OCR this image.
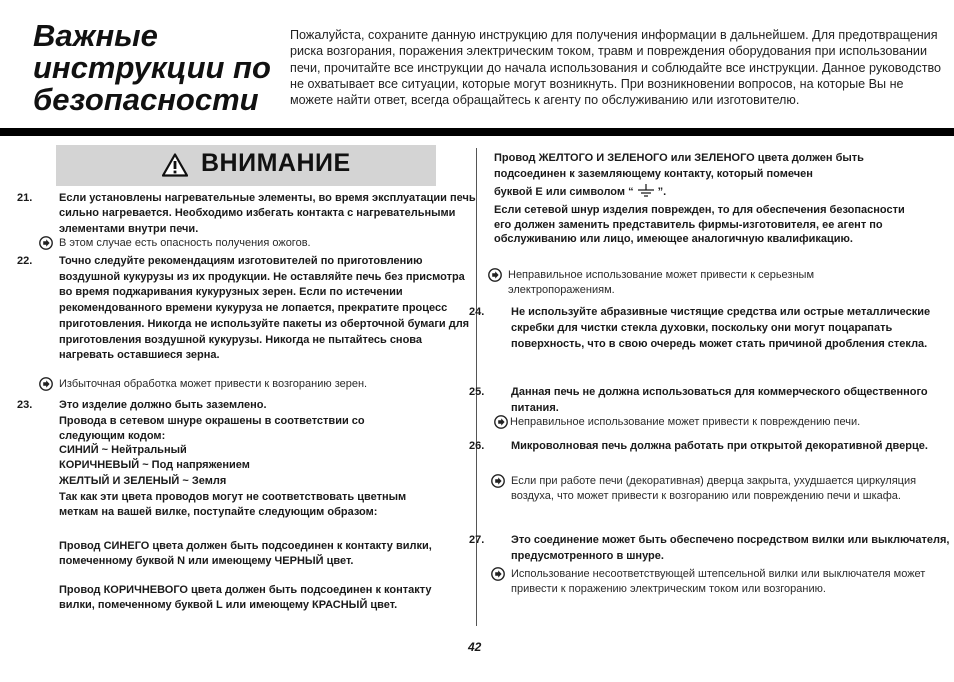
Важные
инструкции по
безопасности

Пожалуйста, сохраните данную инструкцию для получения информации в дальнейшем. Для предотвращения риска возгорания, поражения электрическим током, травм и повреждения оборудования при использовании печи, прочитайте все инструкции до начала использования и соблюдайте все инструкции. Данное руководство не охватывает все ситуации, которые могут возникнуть. При возникновении вопросов, на которые Вы не можете найти ответ, всегда обращайтесь к агенту по обслуживанию или изготовителю.

ВНИМАНИЕ

21. Если установлены нагревательные элементы, во время эксплуатации печь сильно нагревается. Необходимо избегать контакта с нагревательными элементами внутри печи.

В этом случае есть опасность получения ожогов.

22. Точно следуйте рекомендациям изготовителей по приготовлению воздушной кукурузы из их продукции. Не оставляйте печь без присмотра во время поджаривания кукурузных зерен. Если по истечении рекомендованного времени кукуруза не лопается, прекратите процесс приготовления. Никогда не используйте пакеты из оберточной бумаги для приготовления воздушной кукурузы. Никогда не пытайтесь снова нагревать оставшиеся зерна.

Избыточная обработка может привести к возгоранию зерен.

23. Это изделие должно быть заземлено.

Провода в сетевом шнуре окрашены в соответствии со следующим кодом:

СИНИЙ ~ Нейтральный
КОРИЧНЕВЫЙ ~ Под напряжением
ЖЕЛТЫЙ И ЗЕЛЕНЫЙ ~ Земля

Так как эти цвета проводов могут не соответствовать цветным меткам на вашей вилке, поступайте следующим образом:

Провод СИНЕГО цвета должен быть подсоединен к контакту вилки, помеченному буквой N или имеющему ЧЕРНЫЙ цвет.

Провод КОРИЧНЕВОГО цвета должен быть подсоединен к контакту вилки, помеченному буквой L или имеющему КРАСНЫЙ цвет.

Провод ЖЕЛТОГО И ЗЕЛЕНОГО или ЗЕЛЕНОГО цвета должен быть подсоединен к заземляющему контакту, который помечен

буквой E или символом “ ”.

Если сетевой шнур изделия поврежден, то для обеспечения безопасности его должен заменить представитель фирмы-изготовителя, ее агент по обслуживанию или лицо, имеющее аналогичную квалификацию.

Неправильное использование может привести к серьезным электропоражениям.

24. Не используйте абразивные чистящие средства или острые металлические скребки для чистки стекла духовки, поскольку они могут поцарапать поверхность, что в свою очередь может стать причиной дробления стекла.

25. Данная печь не должна использоваться для коммерческого общественного питания.

Неправильное использование может привести к повреждению печи.

26. Микроволновая печь должна работать при открытой декоративной дверце.

Если при работе печи (декоративная) дверца закрыта, ухудшается циркуляция воздуха, что может привести к возгоранию или повреждению печи и шкафа.

27. Это соединение может быть обеспечено посредством вилки или выключателя, предусмотренного в шнуре.

Использование несоответствующей штепсельной вилки или выключателя может привести к поражению электрическим током или возгоранию.
42
